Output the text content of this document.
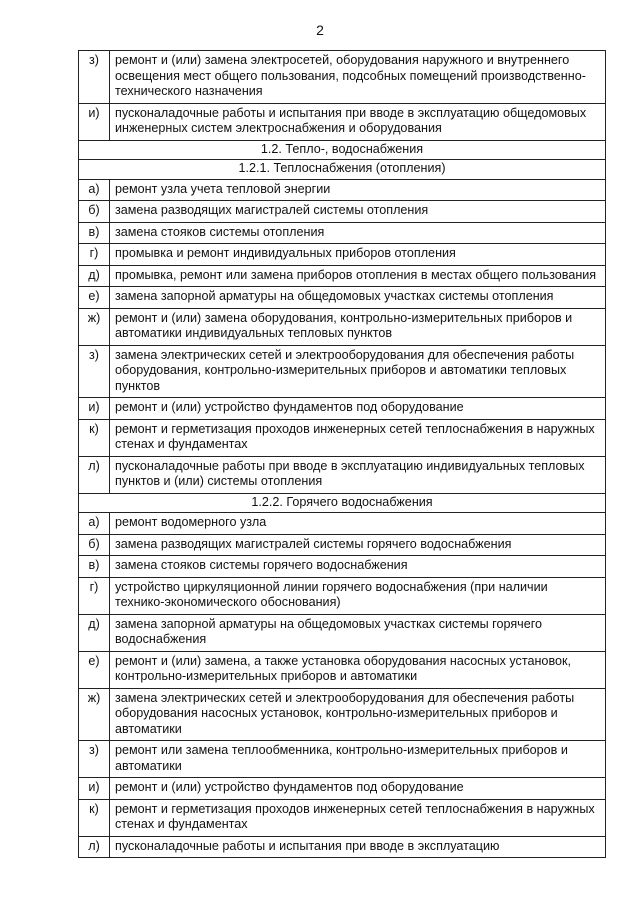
2
з)	ремонт и (или) замена электросетей, оборудования наружного и внутреннего освещения мест общего пользования, подсобных помещений производственно-технического назначения
и)	пусконаладочные работы и испытания при вводе в эксплуатацию общедомовых инженерных систем электроснабжения и оборудования
1.2. Тепло-, водоснабжения	
1.2.1. Теплоснабжения (отопления)	
а)	ремонт узла учета тепловой энергии
б)	замена разводящих магистралей системы отопления
в)	замена стояков системы отопления
г)	промывка и ремонт индивидуальных приборов отопления
д)	промывка, ремонт или замена приборов отопления в местах общего пользования
е)	замена запорной арматуры на общедомовых участках системы отопления
ж)	ремонт и (или) замена оборудования, контрольно-измерительных приборов и автоматики индивидуальных тепловых пунктов
з)	замена электрических сетей и электрооборудования для обеспечения работы оборудования, контрольно-измерительных приборов и автоматики тепловых пунктов
и)	ремонт и (или) устройство фундаментов под оборудование
к)	ремонт и герметизация проходов инженерных сетей теплоснабжения в наружных стенах и фундаментах
л)	пусконаладочные работы при вводе в эксплуатацию индивидуальных тепловых пунктов и (или) системы отопления
1.2.2. Горячего водоснабжения	
а)	ремонт водомерного узла
б)	замена разводящих магистралей системы горячего водоснабжения
в)	замена стояков системы горячего водоснабжения
г)	устройство циркуляционной линии горячего водоснабжения (при наличии технико-экономического обоснования)
д)	замена запорной арматуры на общедомовых участках системы горячего водоснабжения
е)	ремонт и (или) замена, а также установка оборудования насосных установок, контрольно-измерительных приборов и автоматики
ж)	замена электрических сетей и электрооборудования для обеспечения работы оборудования насосных установок, контрольно-измерительных приборов и автоматики
з)	ремонт или замена теплообменника, контрольно-измерительных приборов и автоматики
и)	ремонт и (или) устройство фундаментов под оборудование
к)	ремонт и герметизация проходов инженерных сетей теплоснабжения в наружных стенах и фундаментах
л)	пусконаладочные работы и испытания при вводе в эксплуатацию
